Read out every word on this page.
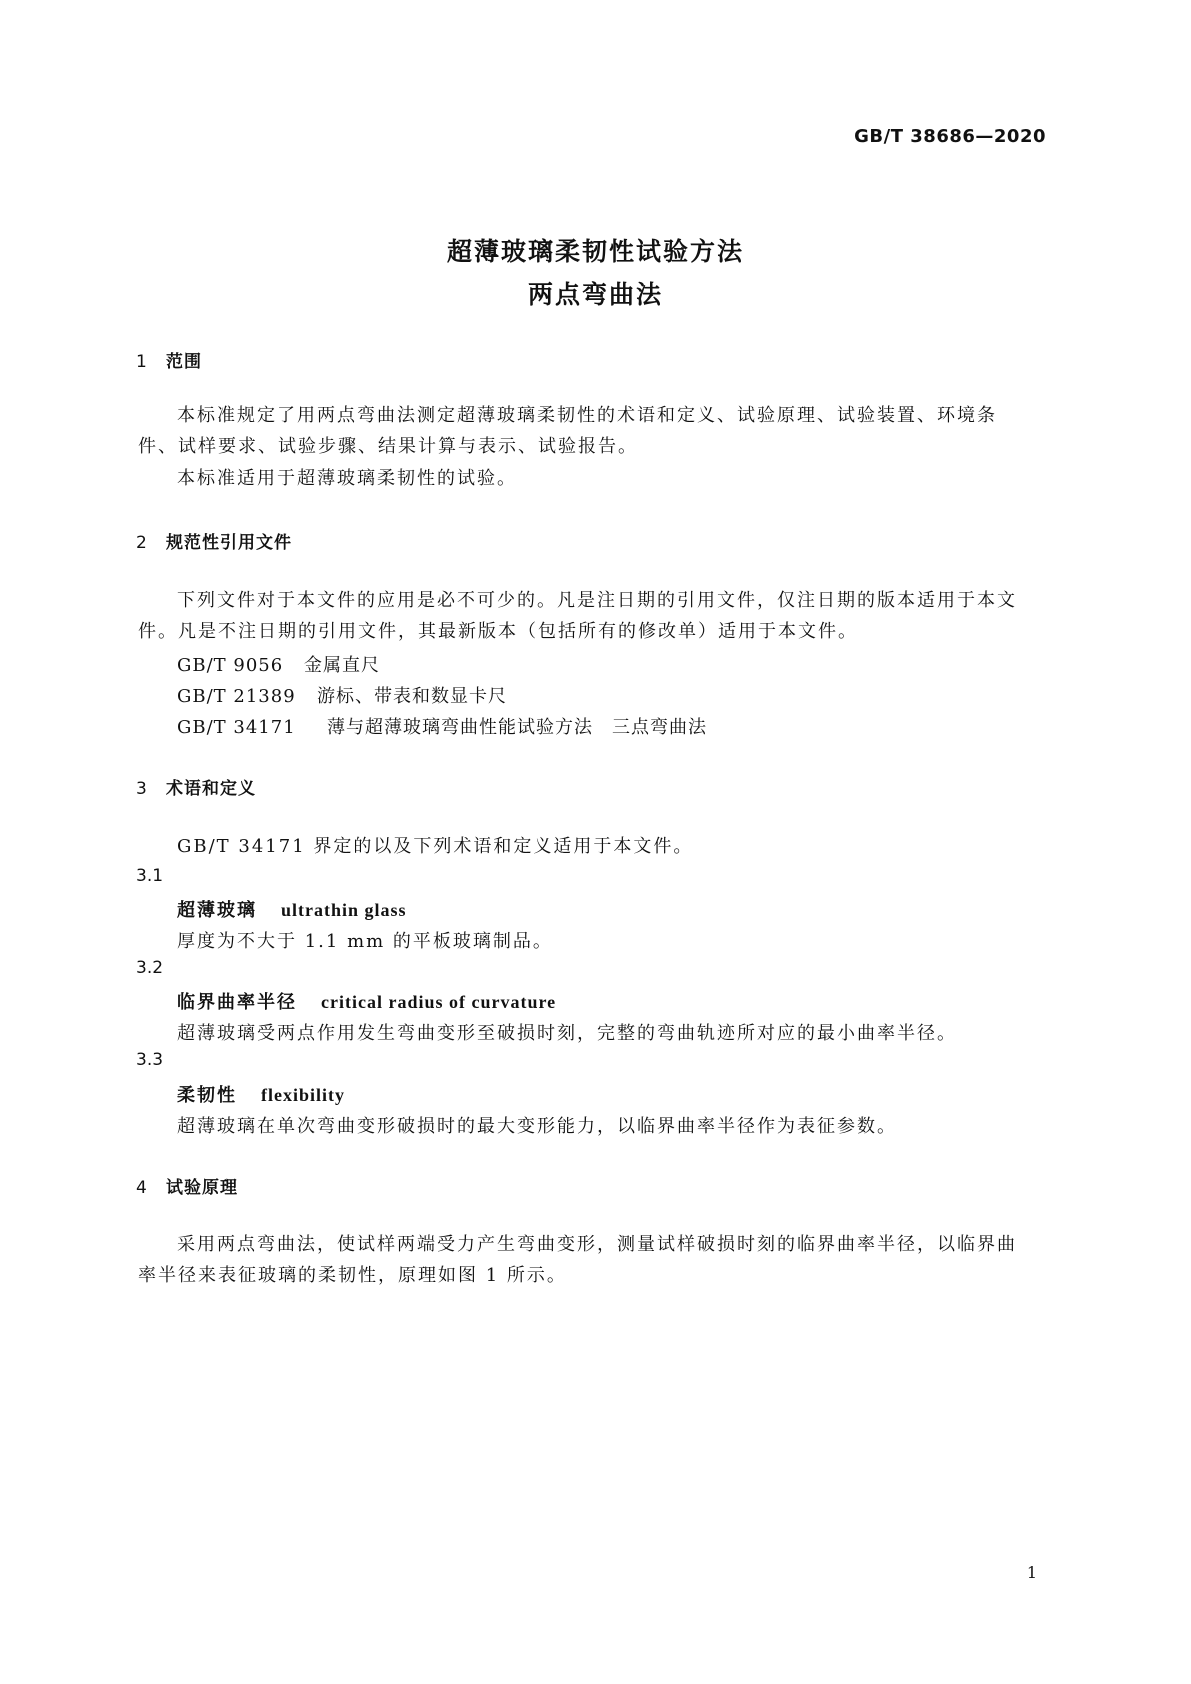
GB/T 38686—2020
超薄玻璃柔韧性试验方法
两点弯曲法
1 范围
本标准规定了用两点弯曲法测定超薄玻璃柔韧性的术语和定义、试验原理、试验装置、环境条件、试样要求、试验步骤、结果计算与表示、试验报告。
本标准适用于超薄玻璃柔韧性的试验。
2 规范性引用文件
下列文件对于本文件的应用是必不可少的。凡是注日期的引用文件，仅注日期的版本适用于本文件。凡是不注日期的引用文件，其最新版本（包括所有的修改单）适用于本文件。
GB/T 9056 金属直尺
GB/T 21389 游标、带表和数显卡尺
GB/T 34171 薄与超薄玻璃弯曲性能试验方法　三点弯曲法
3 术语和定义
GB/T 34171 界定的以及下列术语和定义适用于本文件。
3.1
超薄玻璃 ultrathin glass
厚度为不大于 1.1 mm 的平板玻璃制品。
3.2
临界曲率半径 critical radius of curvature
超薄玻璃受两点作用发生弯曲变形至破损时刻，完整的弯曲轨迹所对应的最小曲率半径。
3.3
柔韧性 flexibility
超薄玻璃在单次弯曲变形破损时的最大变形能力，以临界曲率半径作为表征参数。
4 试验原理
采用两点弯曲法，使试样两端受力产生弯曲变形，测量试样破损时刻的临界曲率半径，以临界曲率半径来表征玻璃的柔韧性，原理如图 1 所示。
1
